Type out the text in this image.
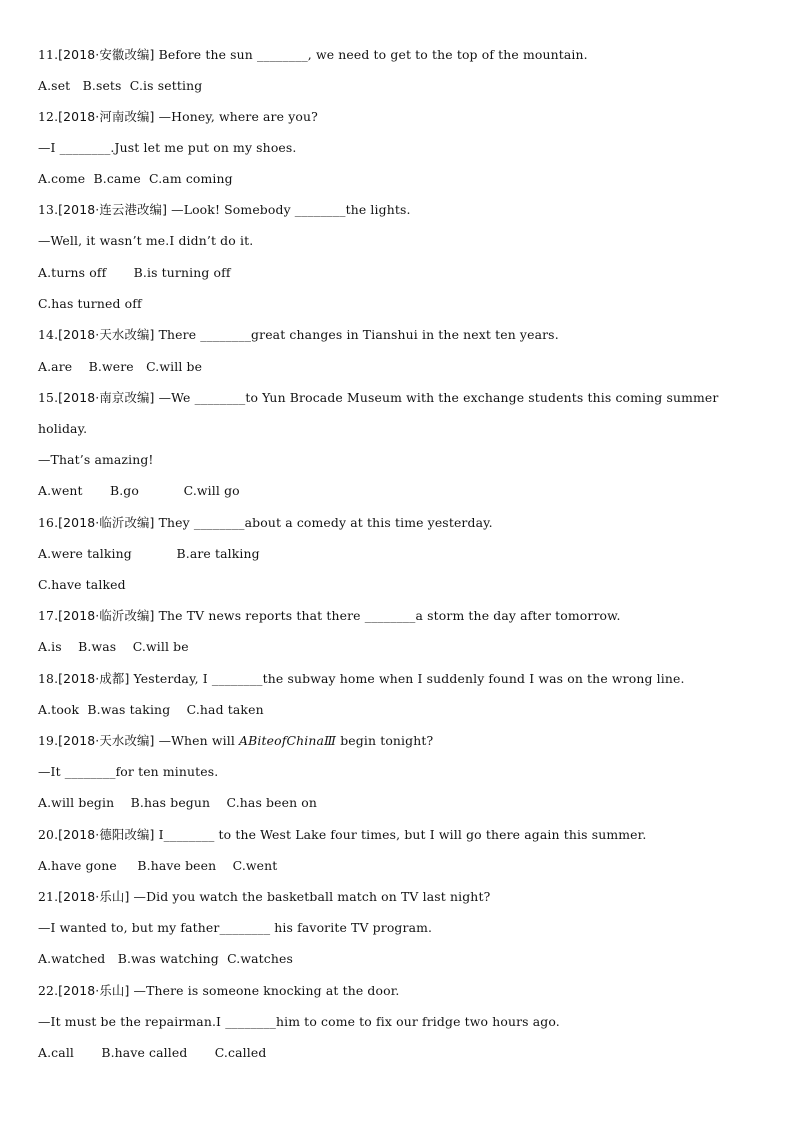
11.[2018·安徽改编] Before the sun ________, we need to get to the top of the mountain.
A.set B.sets C.is setting
12.[2018·河南改编] —Honey, where are you?
—I ________.Just let me put on my shoes.
A.come B.came C.am coming
13.[2018·连云港改编] —Look! Somebody ________the lights.
—Well, it wasn’t me.I didn’t do it.
A.turns off B.is turning off
C.has turned off
14.[2018·天水改编] There ________great changes in Tianshui in the next ten years.
A.are B.were C.will be
15.[2018·南京改编] —We ________to Yun Brocade Museum with the exchange students this coming summer
holiday.
—That’s amazing!
A.went B.go	C.will go
16.[2018·临沂改编] They ________about a comedy at this time yesterday.
A.were talking	B.are talking
C.have talked
17.[2018·临沂改编] The TV news reports that there ________a storm the day after tomorrow.
A.is B.was C.will be
18.[2018·成都] Yesterday, I ________the subway home when I suddenly found I was on the wrong line.
A.took B.was taking C.had taken
19.[2018·天水改编] —When will ABiteofChinaⅢ begin tonight?
—It ________for ten minutes.
A.will begin B.has begun C.has been on
20.[2018·德阳改编] I________ to the West Lake four times, but I will go there again this summer.
A.have gone B.have been C.went
21.[2018·乐山] —Did you watch the basketball match on TV last night?
—I wanted to, but my father________ his favorite TV program.
A.watched B.was watching C.watches
22.[2018·乐山] —There is someone knocking at the door.
—It must be the repairman.I ________him to come to fix our fridge two hours ago.
A.call B.have called C.called
